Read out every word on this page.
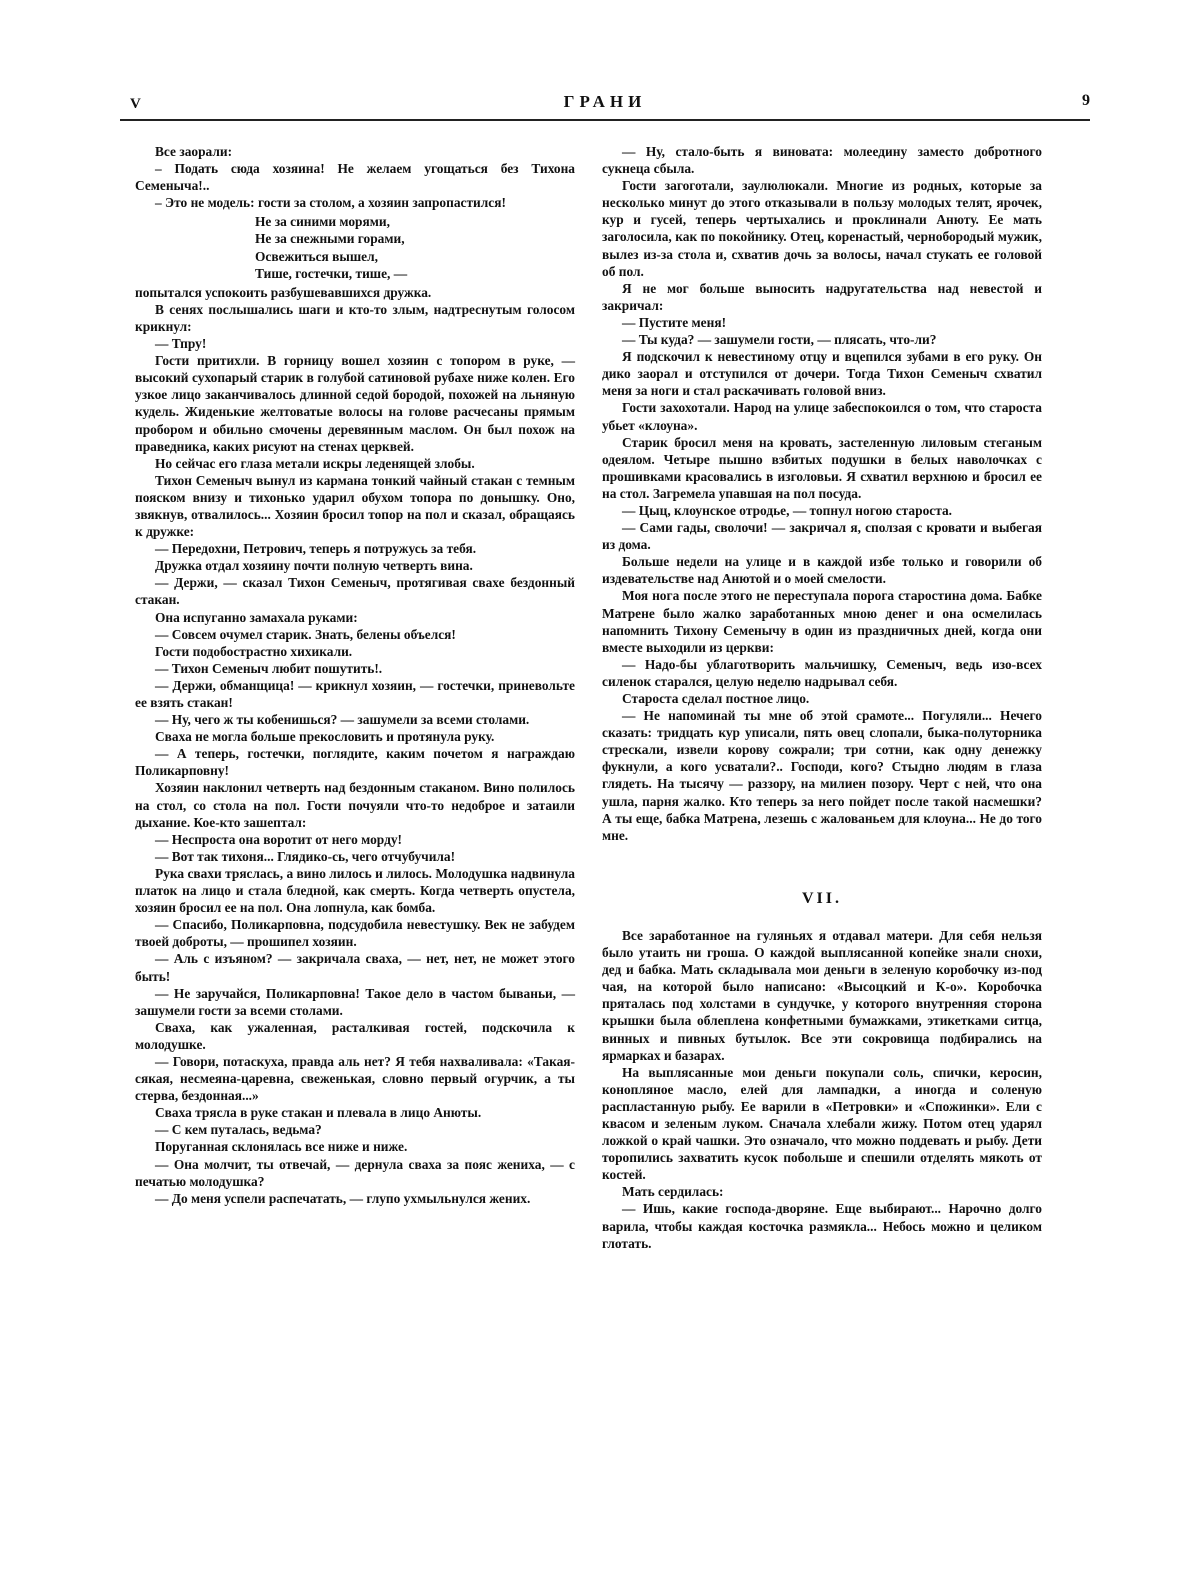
V	ГРАНИ	9

Все заорали:

– Подать сюда хозяина! Не желаем угощаться без Тихона Семеныча!..

– Это не модель: гости за столом, а хозяин запропастился!

Не за синими морями,
Не за снежными горами,
Освежиться вышел,
Тише, гостечки, тише, —

попытался успокоить разбушевавшихся дружка.

В сенях послышались шаги и кто-то злым, надтреснутым голосом крикнул:

— Тпру!

Гости притихли. В горницу вошел хозяин с топором в руке, — высокий сухопарый старик в голубой сатиновой рубахе ниже колен. Его узкое лицо заканчивалось длинной седой бородой, похожей на льняную кудель. Жиденькие желтоватые волосы на голове расчесаны прямым пробором и обильно смочены деревянным маслом. Он был похож на праведника, каких рисуют на стенах церквей.

Но сейчас его глаза метали искры леденящей злобы.

Тихон Семеныч вынул из кармана тонкий чайный стакан с темным пояском внизу и тихонько ударил обухом топора по донышку. Оно, звякнув, отвалилось... Хозяин бросил топор на пол и сказал, обращаясь к дружке:

— Передохни, Петрович, теперь я потружусь за тебя.

Дружка отдал хозяину почти полную четверть вина.

— Держи, — сказал Тихон Семеныч, протягивая свахе бездонный стакан.

Она испуганно замахала руками:

— Совсем очумел старик. Знать, белены объелся!

Гости подобострастно хихикали.

— Тихон Семеныч любит пошутить!.

— Держи, обманщица! — крикнул хозяин, — гостечки, приневольте ее взять стакан!

— Ну, чего ж ты кобенишься? — зашумели за всеми столами.

Сваха не могла больше прекословить и протянула руку.

— А теперь, гостечки, поглядите, каким почетом я награждаю Поликарповну!

Хозяин наклонил четверть над бездонным стаканом. Вино полилось на стол, со стола на пол. Гости почуяли что-то недоброе и затаили дыхание. Кое-кто зашептал:

— Неспроста она воротит от него морду!

— Вот так тихоня... Глядико-сь, чего отчубучила!

Рука свахи тряслась, а вино лилось и лилось. Молодушка надвинула платок на лицо и стала бледной, как смерть. Когда четверть опустела, хозяин бросил ее на пол. Она лопнула, как бомба.

— Спасибо, Поликарповна, подсудобила невестушку. Век не забудем твоей доброты, — прошипел хозяин.

— Аль с изъяном? — закричала сваха, — нет, нет, не может этого быть!

— Не заручайся, Поликарповна! Такое дело в частом бываньи, — зашумели гости за всеми столами.

Сваха, как ужаленная, расталкивая гостей, подскочила к молодушке.

— Говори, потаскуха, правда аль нет? Я тебя нахваливала: «Такая-сякая, несмеяна-царевна, свеженькая, словно первый огурчик, а ты стерва, бездонная...»

Сваха трясла в руке стакан и плевала в лицо Анюты.

— С кем путалась, ведьма?

Поруганная склонялась все ниже и ниже.

— Она молчит, ты отвечай, — дернула сваха за пояс жениха, — с печатью молодушка?

— До меня успели распечатать, — глупо ухмыльнулся жених.

— Ну, стало-быть я виновата: молеедину заместо добротного сукнеца сбыла.

Гости загоготали, заулюлюкали. Многие из родных, которые за несколько минут до этого отказывали в пользу молодых телят, ярочек, кур и гусей, теперь чертыхались и проклинали Анюту. Ее мать заголосила, как по покойнику. Отец, коренастый, чернобородый мужик, вылез из-за стола и, схватив дочь за волосы, начал стукать ее головой об пол.

Я не мог больше выносить надругательства над невестой и закричал:

— Пустите меня!

— Ты куда? — зашумели гости, — плясать, что-ли?

Я подскочил к невестиному отцу и вцепился зубами в его руку. Он дико заорал и отступился от дочери. Тогда Тихон Семеныч схватил меня за ноги и стал раскачивать головой вниз.

Гости захохотали. Народ на улице забеспокоился о том, что староста убьет «клоуна».

Старик бросил меня на кровать, застеленную лиловым стеганым одеялом. Четыре пышно взбитых подушки в белых наволочках с прошивками красовались в изголовьи. Я схватил верхнюю и бросил ее на стол. Загремела упавшая на пол посуда.

— Цыц, клоунское отродье, — топнул ногою староста.

— Сами гады, сволочи! — закричал я, сползая с кровати и выбегая из дома.

Больше недели на улице и в каждой избе только и говорили об издевательстве над Анютой и о моей смелости.

Моя нога после этого не переступала порога старостина дома. Бабке Матрене было жалко заработанных мною денег и она осмелилась напомнить Тихону Семенычу в один из праздничных дней, когда они вместе выходили из церкви:

— Надо-бы ублаготворить мальчишку, Семеныч, ведь изо-всех силенок старался, целую неделю надрывал себя.

Староста сделал постное лицо.

— Не напоминай ты мне об этой срамоте... Погуляли... Нечего сказать: тридцать кур уписали, пять овец слопали, быка-полуторника стрескали, извели корову сожрали; три сотни, как одну денежку фукнули, а кого усватали?.. Господи, кого? Стыдно людям в глаза глядеть. На тысячу — раззору, на милиен позору. Черт с ней, что она ушла, парня жалко. Кто теперь за него пойдет после такой насмешки? А ты еще, бабка Матрена, лезешь с жалованьем для клоуна... Не до того мне.

VII.

Все заработанное на гуляньях я отдавал матери. Для себя нельзя было утаить ни гроша. О каждой выплясанной копейке знали снохи, дед и бабка. Мать складывала мои деньги в зеленую коробочку из-под чая, на которой было написано: «Высоцкий и К-о». Коробочка пряталась под холстами в сундучке, у которого внутренняя сторона крышки была облеплена конфетными бумажками, этикетками ситца, винных и пивных бутылок. Все эти сокровища подбирались на ярмарках и базарах.

На выплясанные мои деньги покупали соль, спички, керосин, конопляное масло, елей для лампадки, а иногда и соленую распластанную рыбу. Ее варили в «Петровки» и «Спожинки». Ели с квасом и зеленым луком. Сначала хлебали жижу. Потом отец ударял ложкой о край чашки. Это означало, что можно поддевать и рыбу. Дети торопились захватить кусок побольше и спешили отделять мякоть от костей.

Мать сердилась:

— Ишь, какие господа-дворяне. Еще выбирают... Нарочно долго варила, чтобы каждая косточка размякла... Небось можно и целиком глотать.
